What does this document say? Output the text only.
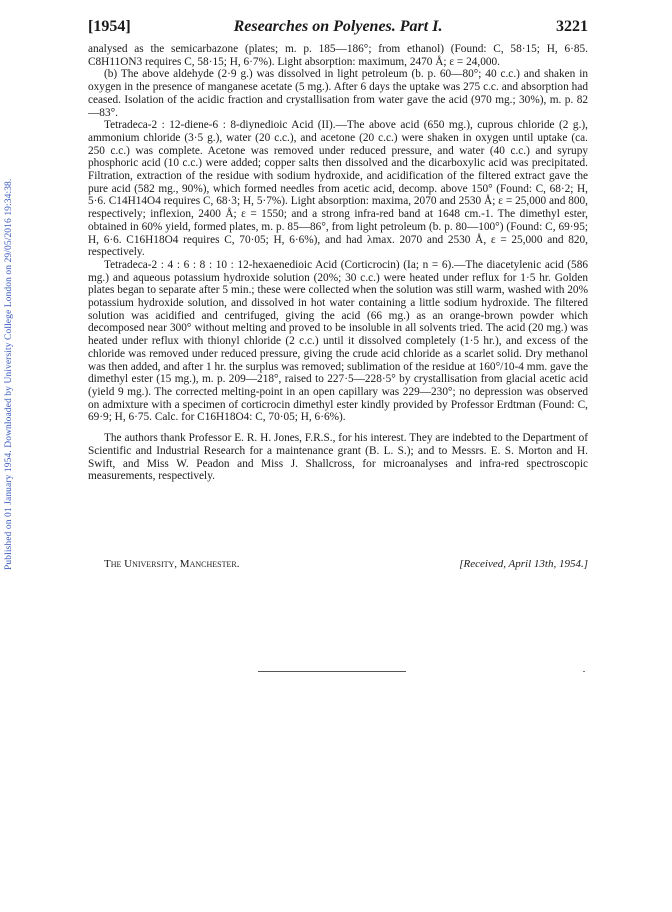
Published on 01 January 1954. Downloaded by University College London on 29/05/2016 19:34:38.
[1954]	Researches on Polyenes. Part I.	3221

analysed as the semicarbazone (plates; m. p. 185—186°; from ethanol) (Found: C, 58·15; H, 6·85. C8H11ON3 requires C, 58·15; H, 6·7%). Light absorption: maximum, 2470 Å; ε = 24,000.

(b) The above aldehyde (2·9 g.) was dissolved in light petroleum (b. p. 60—80°; 40 c.c.) and shaken in oxygen in the presence of manganese acetate (5 mg.). After 6 days the uptake was 275 c.c. and absorption had ceased. Isolation of the acidic fraction and crystallisation from water gave the acid (970 mg.; 30%), m. p. 82—83°.

Tetradeca-2 : 12-diene-6 : 8-diynedioic Acid (II).—The above acid (650 mg.), cuprous chloride (2 g.), ammonium chloride (3·5 g.), water (20 c.c.), and acetone (20 c.c.) were shaken in oxygen until uptake (ca. 250 c.c.) was complete. Acetone was removed under reduced pressure, and water (40 c.c.) and syrupy phosphoric acid (10 c.c.) were added; copper salts then dissolved and the dicarboxylic acid was precipitated. Filtration, extraction of the residue with sodium hydroxide, and acidification of the filtered extract gave the pure acid (582 mg., 90%), which formed needles from acetic acid, decomp. above 150° (Found: C, 68·2; H, 5·6. C14H14O4 requires C, 68·3; H, 5·7%). Light absorption: maxima, 2070 and 2530 Å; ε = 25,000 and 800, respectively; inflexion, 2400 Å; ε = 1550; and a strong infra-red band at 1648 cm.-1. The dimethyl ester, obtained in 60% yield, formed plates, m. p. 85—86°, from light petroleum (b. p. 80—100°) (Found: C, 69·95; H, 6·6. C16H18O4 requires C, 70·05; H, 6·6%), and had λmax. 2070 and 2530 Å, ε = 25,000 and 820, respectively.

Tetradeca-2 : 4 : 6 : 8 : 10 : 12-hexaenedioic Acid (Corticrocin) (Ia; n = 6).—The diacetylenic acid (586 mg.) and aqueous potassium hydroxide solution (20%; 30 c.c.) were heated under reflux for 1·5 hr. Golden plates began to separate after 5 min.; these were collected when the solution was still warm, washed with 20% potassium hydroxide solution, and dissolved in hot water containing a little sodium hydroxide. The filtered solution was acidified and centrifuged, giving the acid (66 mg.) as an orange-brown powder which decomposed near 300° without melting and proved to be insoluble in all solvents tried. The acid (20 mg.) was heated under reflux with thionyl chloride (2 c.c.) until it dissolved completely (1·5 hr.), and excess of the chloride was removed under reduced pressure, giving the crude acid chloride as a scarlet solid. Dry methanol was then added, and after 1 hr. the surplus was removed; sublimation of the residue at 160°/10-4 mm. gave the dimethyl ester (15 mg.), m. p. 209—218°, raised to 227·5—228·5° by crystallisation from glacial acetic acid (yield 9 mg.). The corrected melting-point in an open capillary was 229—230°; no depression was observed on admixture with a specimen of corticrocin dimethyl ester kindly provided by Professor Erdtman (Found: C, 69·9; H, 6·75. Calc. for C16H18O4: C, 70·05; H, 6·6%).

The authors thank Professor E. R. H. Jones, F.R.S., for his interest. They are indebted to the Department of Scientific and Industrial Research for a maintenance grant (B. L. S.); and to Messrs. E. S. Morton and H. Swift, and Miss W. Peadon and Miss J. Shallcross, for microanalyses and infra-red spectroscopic measurements, respectively.

The University, Manchester.	[Received, April 13th, 1954.]
